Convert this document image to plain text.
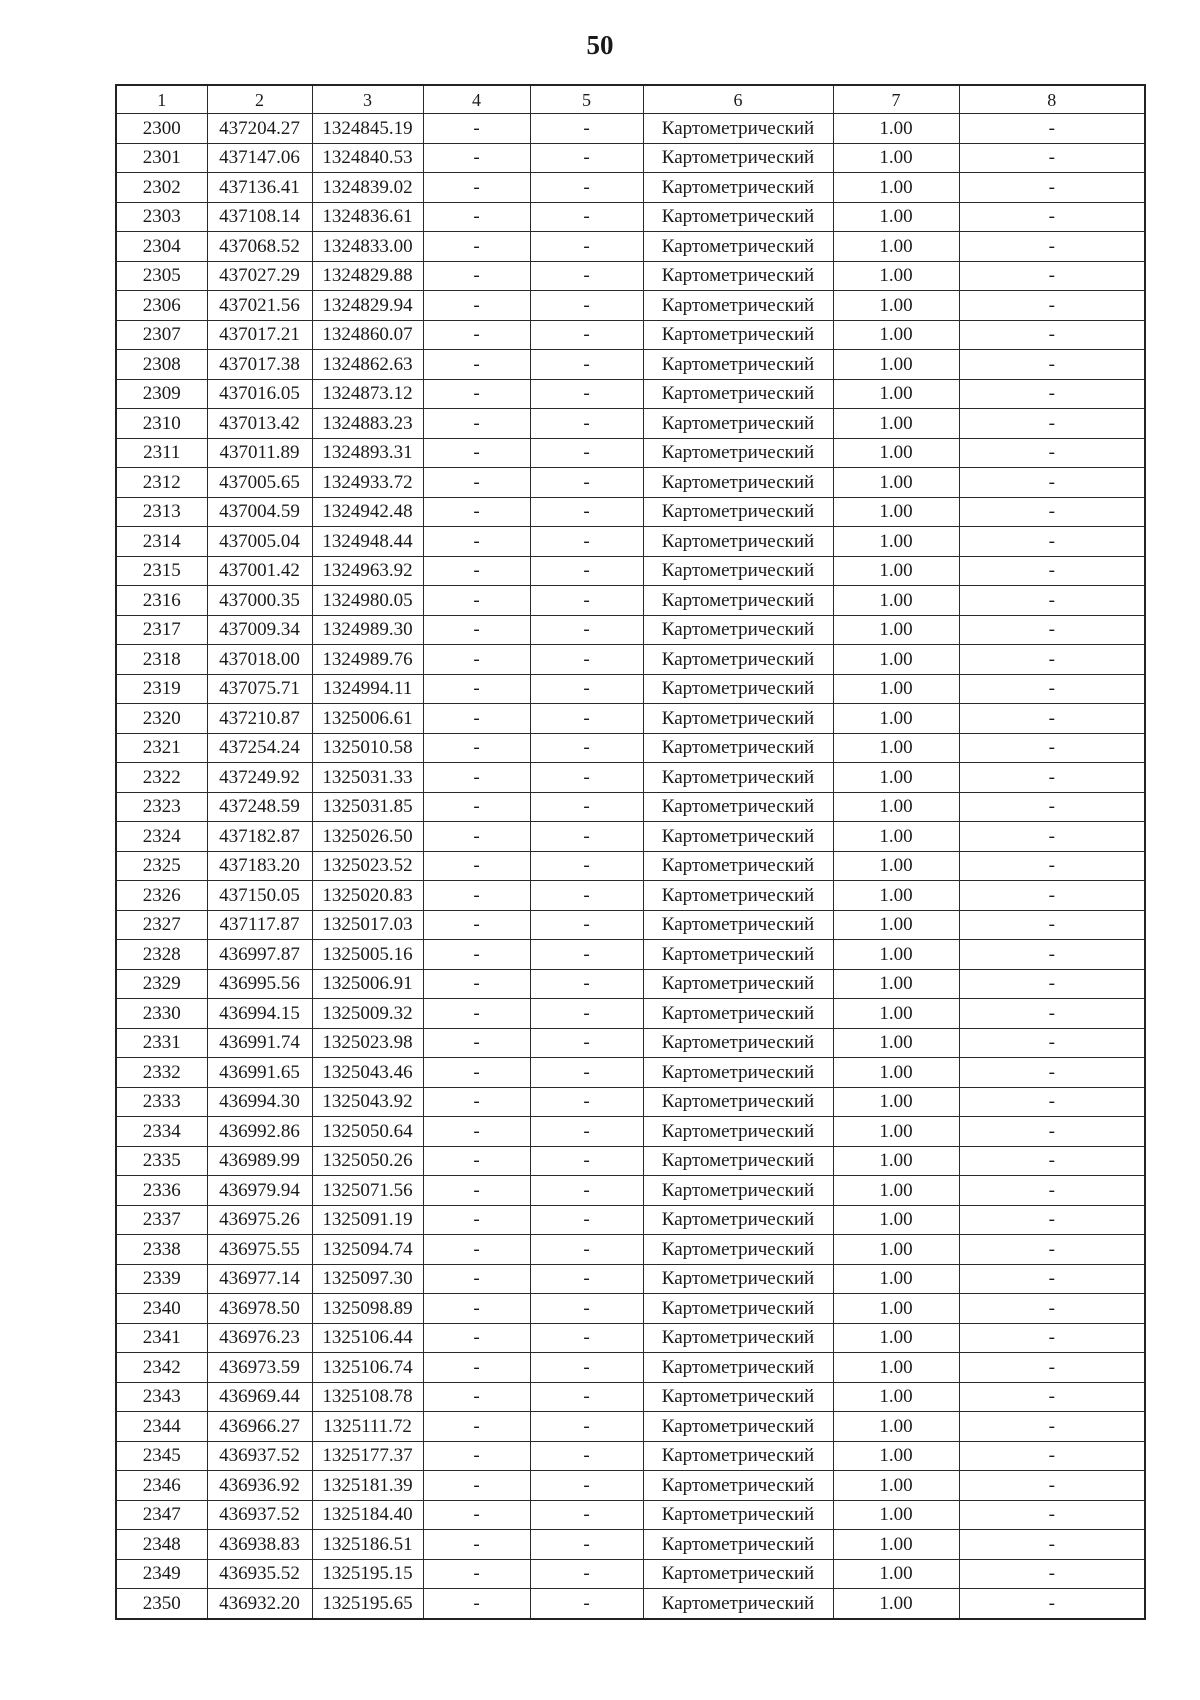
50
1	2	3	4	5	6	7	8
2300	437204.27	1324845.19	-	-	Картометрический	1.00	-
2301	437147.06	1324840.53	-	-	Картометрический	1.00	-
2302	437136.41	1324839.02	-	-	Картометрический	1.00	-
2303	437108.14	1324836.61	-	-	Картометрический	1.00	-
2304	437068.52	1324833.00	-	-	Картометрический	1.00	-
2305	437027.29	1324829.88	-	-	Картометрический	1.00	-
2306	437021.56	1324829.94	-	-	Картометрический	1.00	-
2307	437017.21	1324860.07	-	-	Картометрический	1.00	-
2308	437017.38	1324862.63	-	-	Картометрический	1.00	-
2309	437016.05	1324873.12	-	-	Картометрический	1.00	-
2310	437013.42	1324883.23	-	-	Картометрический	1.00	-
2311	437011.89	1324893.31	-	-	Картометрический	1.00	-
2312	437005.65	1324933.72	-	-	Картометрический	1.00	-
2313	437004.59	1324942.48	-	-	Картометрический	1.00	-
2314	437005.04	1324948.44	-	-	Картометрический	1.00	-
2315	437001.42	1324963.92	-	-	Картометрический	1.00	-
2316	437000.35	1324980.05	-	-	Картометрический	1.00	-
2317	437009.34	1324989.30	-	-	Картометрический	1.00	-
2318	437018.00	1324989.76	-	-	Картометрический	1.00	-
2319	437075.71	1324994.11	-	-	Картометрический	1.00	-
2320	437210.87	1325006.61	-	-	Картометрический	1.00	-
2321	437254.24	1325010.58	-	-	Картометрический	1.00	-
2322	437249.92	1325031.33	-	-	Картометрический	1.00	-
2323	437248.59	1325031.85	-	-	Картометрический	1.00	-
2324	437182.87	1325026.50	-	-	Картометрический	1.00	-
2325	437183.20	1325023.52	-	-	Картометрический	1.00	-
2326	437150.05	1325020.83	-	-	Картометрический	1.00	-
2327	437117.87	1325017.03	-	-	Картометрический	1.00	-
2328	436997.87	1325005.16	-	-	Картометрический	1.00	-
2329	436995.56	1325006.91	-	-	Картометрический	1.00	-
2330	436994.15	1325009.32	-	-	Картометрический	1.00	-
2331	436991.74	1325023.98	-	-	Картометрический	1.00	-
2332	436991.65	1325043.46	-	-	Картометрический	1.00	-
2333	436994.30	1325043.92	-	-	Картометрический	1.00	-
2334	436992.86	1325050.64	-	-	Картометрический	1.00	-
2335	436989.99	1325050.26	-	-	Картометрический	1.00	-
2336	436979.94	1325071.56	-	-	Картометрический	1.00	-
2337	436975.26	1325091.19	-	-	Картометрический	1.00	-
2338	436975.55	1325094.74	-	-	Картометрический	1.00	-
2339	436977.14	1325097.30	-	-	Картометрический	1.00	-
2340	436978.50	1325098.89	-	-	Картометрический	1.00	-
2341	436976.23	1325106.44	-	-	Картометрический	1.00	-
2342	436973.59	1325106.74	-	-	Картометрический	1.00	-
2343	436969.44	1325108.78	-	-	Картометрический	1.00	-
2344	436966.27	1325111.72	-	-	Картометрический	1.00	-
2345	436937.52	1325177.37	-	-	Картометрический	1.00	-
2346	436936.92	1325181.39	-	-	Картометрический	1.00	-
2347	436937.52	1325184.40	-	-	Картометрический	1.00	-
2348	436938.83	1325186.51	-	-	Картометрический	1.00	-
2349	436935.52	1325195.15	-	-	Картометрический	1.00	-
2350	436932.20	1325195.65	-	-	Картометрический	1.00	-
